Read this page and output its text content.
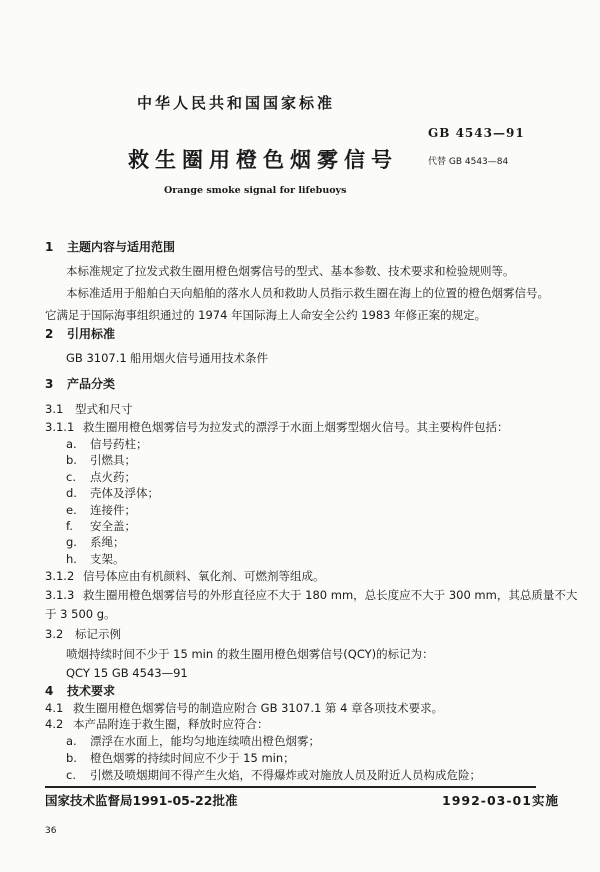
中华人民共和国国家标准
GB 4543—91
救生圈用橙色烟雾信号	代替 GB 4543—84
Orange smoke signal for lifebuoys
1 主题内容与适用范围
本标准规定了拉发式救生圈用橙色烟雾信号的型式、基本参数、技术要求和检验规则等。
本标准适用于船舶白天向船舶的落水人员和救助人员指示救生圈在海上的位置的橙色烟雾信号。
它满足于国际海事组织通过的 1974 年国际海上人命安全公约 1983 年修正案的规定。
2 引用标准
GB 3107.1 船用烟火信号通用技术条件
3 产品分类
3.1 型式和尺寸
3.1.1 救生圈用橙色烟雾信号为拉发式的漂浮于水面上烟雾型烟火信号。其主要构件包括：
a. 信号药柱；
b. 引燃具；
c. 点火药；
d. 壳体及浮体；
e. 连接件；
f. 安全盖；
g. 系绳；
h. 支架。
3.1.2 信号体应由有机颜料、氧化剂、可燃剂等组成。
3.1.3 救生圈用橙色烟雾信号的外形直径应不大于 180 mm，总长度应不大于 300 mm，其总质量不大
于 3 500 g。
3.2 标记示例
喷烟持续时间不少于 15 min 的救生圈用橙色烟雾信号(QCY)的标记为：
QCY 15 GB 4543—91
4 技术要求
4.1 救生圈用橙色烟雾信号的制造应附合 GB 3107.1 第 4 章各项技术要求。
4.2 本产品附连于救生圈，释放时应符合：
a. 漂浮在水面上，能均匀地连续喷出橙色烟雾；
b. 橙色烟雾的持续时间应不少于 15 min；
c. 引燃及喷烟期间不得产生火焰，不得爆炸或对施放人员及附近人员构成危险；
国家技术监督局1991-05-22批准	1992-03-01实施
36
